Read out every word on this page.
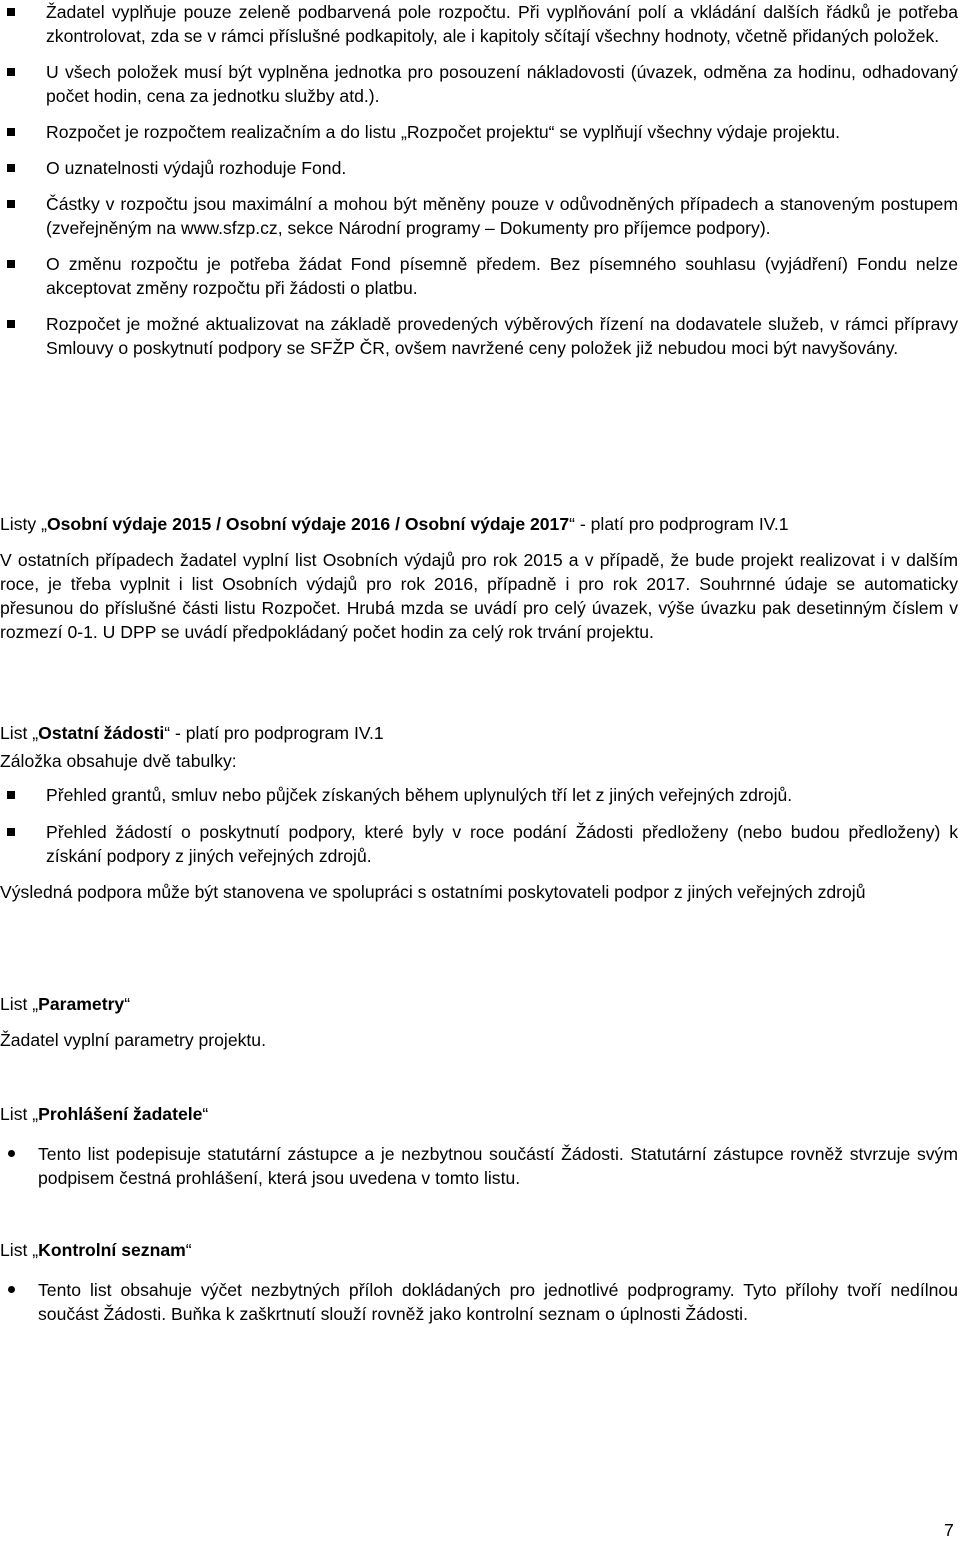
Žadatel vyplňuje pouze zeleně podbarvená pole rozpočtu. Při vyplňování polí a vkládání dalších řádků je potřeba zkontrolovat, zda se v rámci příslušné podkapitoly, ale i kapitoly sčítají všechny hodnoty, včetně přidaných položek.
U všech položek musí být vyplněna jednotka pro posouzení nákladovosti (úvazek, odměna za hodinu, odhadovaný počet hodin, cena za jednotku služby atd.).
Rozpočet je rozpočtem realizačním a do listu „Rozpočet projektu“ se vyplňují všechny výdaje projektu.
O uznatelnosti výdajů rozhoduje Fond.
Částky v rozpočtu jsou maximální a mohou být měněny pouze v odůvodněných případech a stanoveným postupem (zveřejněným na www.sfzp.cz, sekce Národní programy – Dokumenty pro příjemce podpory).
O změnu rozpočtu je potřeba žádat Fond písemně předem. Bez písemného souhlasu (vyjádření) Fondu nelze akceptovat změny rozpočtu při žádosti o platbu.
Rozpočet je možné aktualizovat na základě provedených výběrových řízení na dodavatele služeb, v rámci přípravy Smlouvy o poskytnutí podpory se SFŽP ČR, ovšem navržené ceny položek již nebudou moci být navyšovány.
Listy „Osobní výdaje 2015 / Osobní výdaje 2016 / Osobní výdaje 2017“ - platí pro podprogram IV.1
V ostatních případech žadatel vyplní list Osobních výdajů pro rok 2015 a v případě, že bude projekt realizovat i v dalším roce, je třeba vyplnit i list Osobních výdajů pro rok 2016, případně i pro rok 2017. Souhrnné údaje se automaticky přesunou do příslušné části listu Rozpočet. Hrubá mzda se uvádí pro celý úvazek, výše úvazku pak desetinným číslem v rozmezí 0-1. U DPP se uvádí předpokládaný počet hodin za celý rok trvání projektu.
List „Ostatní žádosti“ - platí pro podprogram IV.1
Záložka obsahuje dvě tabulky:
Přehled grantů, smluv nebo půjček získaných během uplynulých tří let z jiných veřejných zdrojů.
Přehled žádostí o poskytnutí podpory, které byly v roce podání Žádosti předloženy (nebo budou předloženy) k získání podpory z jiných veřejných zdrojů.
Výsledná podpora může být stanovena ve spolupráci s ostatními poskytovateli podpor z jiných veřejných zdrojů
List „Parametry“
Žadatel vyplní parametry projektu.
List „Prohlášení žadatele“
Tento list podepisuje statutární zástupce a je nezbytnou součástí Žádosti. Statutární zástupce rovněž stvrzuje svým podpisem čestná prohlášení, která jsou uvedena v tomto listu.
List „Kontrolní seznam“
Tento list obsahuje výčet nezbytných příloh dokládaných pro jednotlivé podprogramy. Tyto přílohy tvoří nedílnou součást Žádosti. Buňka k zaškrtnutí slouží rovněž jako kontrolní seznam o úplnosti Žádosti.
7
